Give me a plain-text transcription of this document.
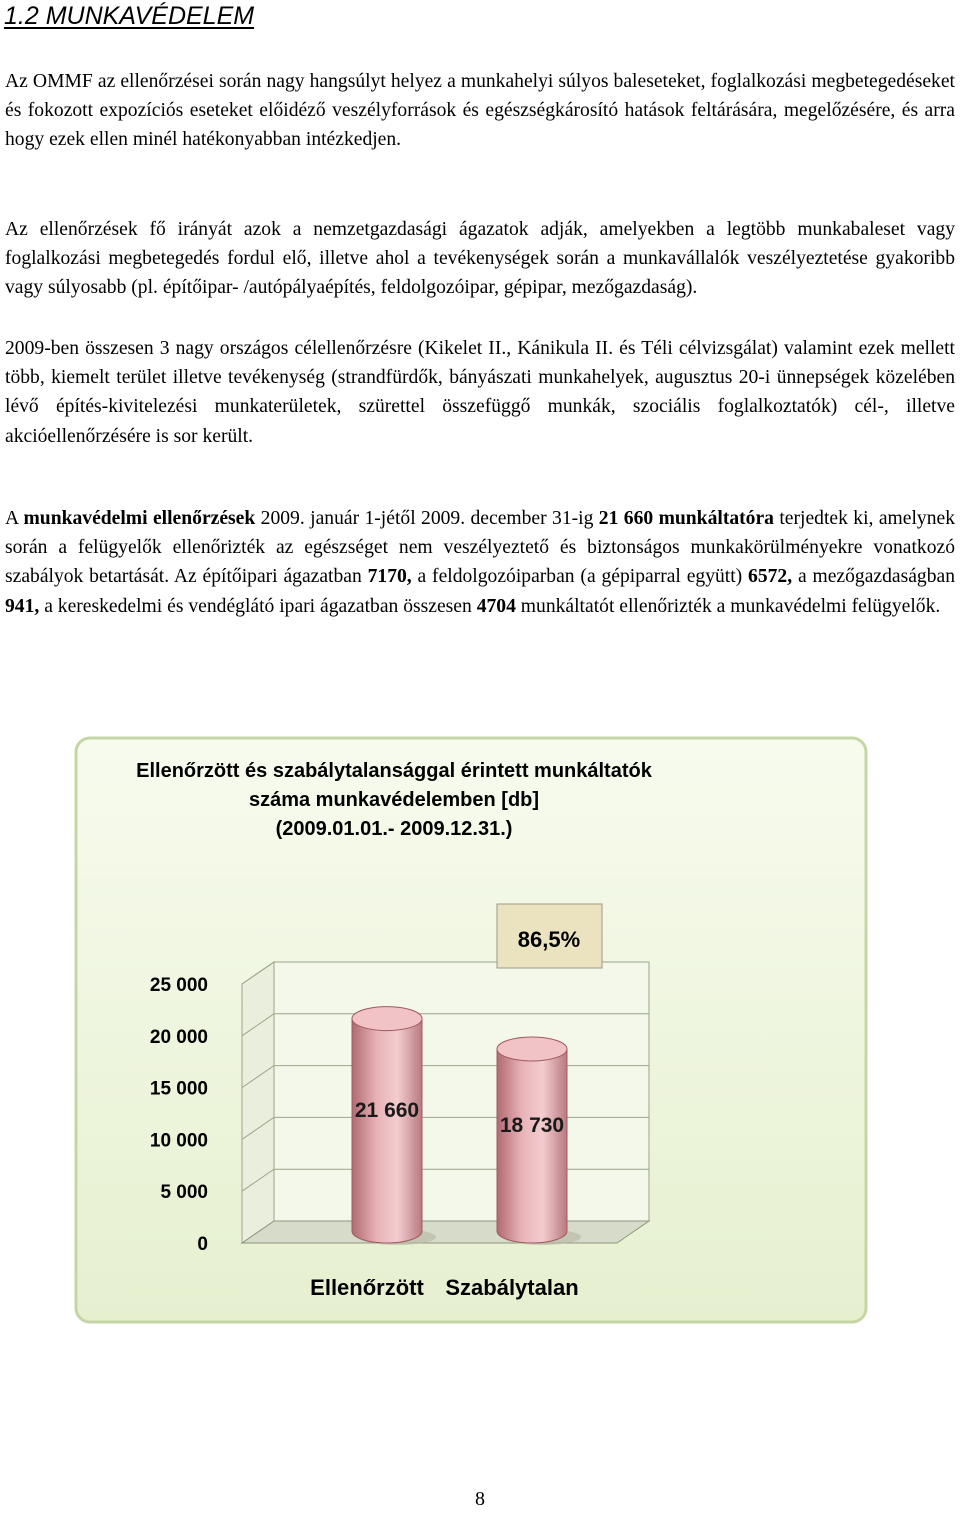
1.2 MUNKAVÉDELEM
Az OMMF az ellenőrzései során nagy hangsúlyt helyez a munkahelyi súlyos baleseteket, foglalkozási megbetegedéseket és fokozott expozíciós eseteket előidéző veszélyforrások és egészségkárosító hatások feltárására, megelőzésére, és arra hogy ezek ellen minél hatékonyabban intézkedjen.
Az ellenőrzések fő irányát azok a nemzetgazdasági ágazatok adják, amelyekben a legtöbb munkabaleset vagy foglalkozási megbetegedés fordul elő, illetve ahol a tevékenységek során a munkavállalók veszélyeztetése gyakoribb vagy súlyosabb (pl. építőipar- /autópályaépítés, feldolgozóipar, gépipar, mezőgazdaság).
2009-ben összesen 3 nagy országos célellenőrzésre (Kikelet II., Kánikula II. és Téli célvizsgálat) valamint ezek mellett több, kiemelt terület illetve tevékenység (strandfürdők, bányászati munkahelyek, augusztus 20-i ünnepségek közelében lévő építés-kivitelezési munkaterületek, szürettel összefüggő munkák, szociális foglalkoztatók) cél-, illetve akcióellenőrzésére is sor került.
A munkavédelmi ellenőrzések 2009. január 1-jétől 2009. december 31-ig 21 660 munkáltatóra terjedtek ki, amelynek során a felügyelők ellenőrizték az egészséget nem veszélyeztető és biztonságos munkakörülményekre vonatkozó szabályok betartását. Az építőipari ágazatban 7170, a feldolgozóiparban (a gépiparral együtt) 6572, a mezőgazdaságban 941, a kereskedelmi és vendéglátó ipari ágazatban összesen 4704 munkáltatót ellenőrizték a munkavédelmi felügyelők.
Ellenőrzött és szabálytalansággal érintett munkáltatók
száma munkavédelemben [db]
(2009.01.01.- 2009.12.31.)
0
5 000
10 000
15 000
20 000
25 000
21 660
Ellenőrzött
18 730
Szabálytalan
86,5%
8
